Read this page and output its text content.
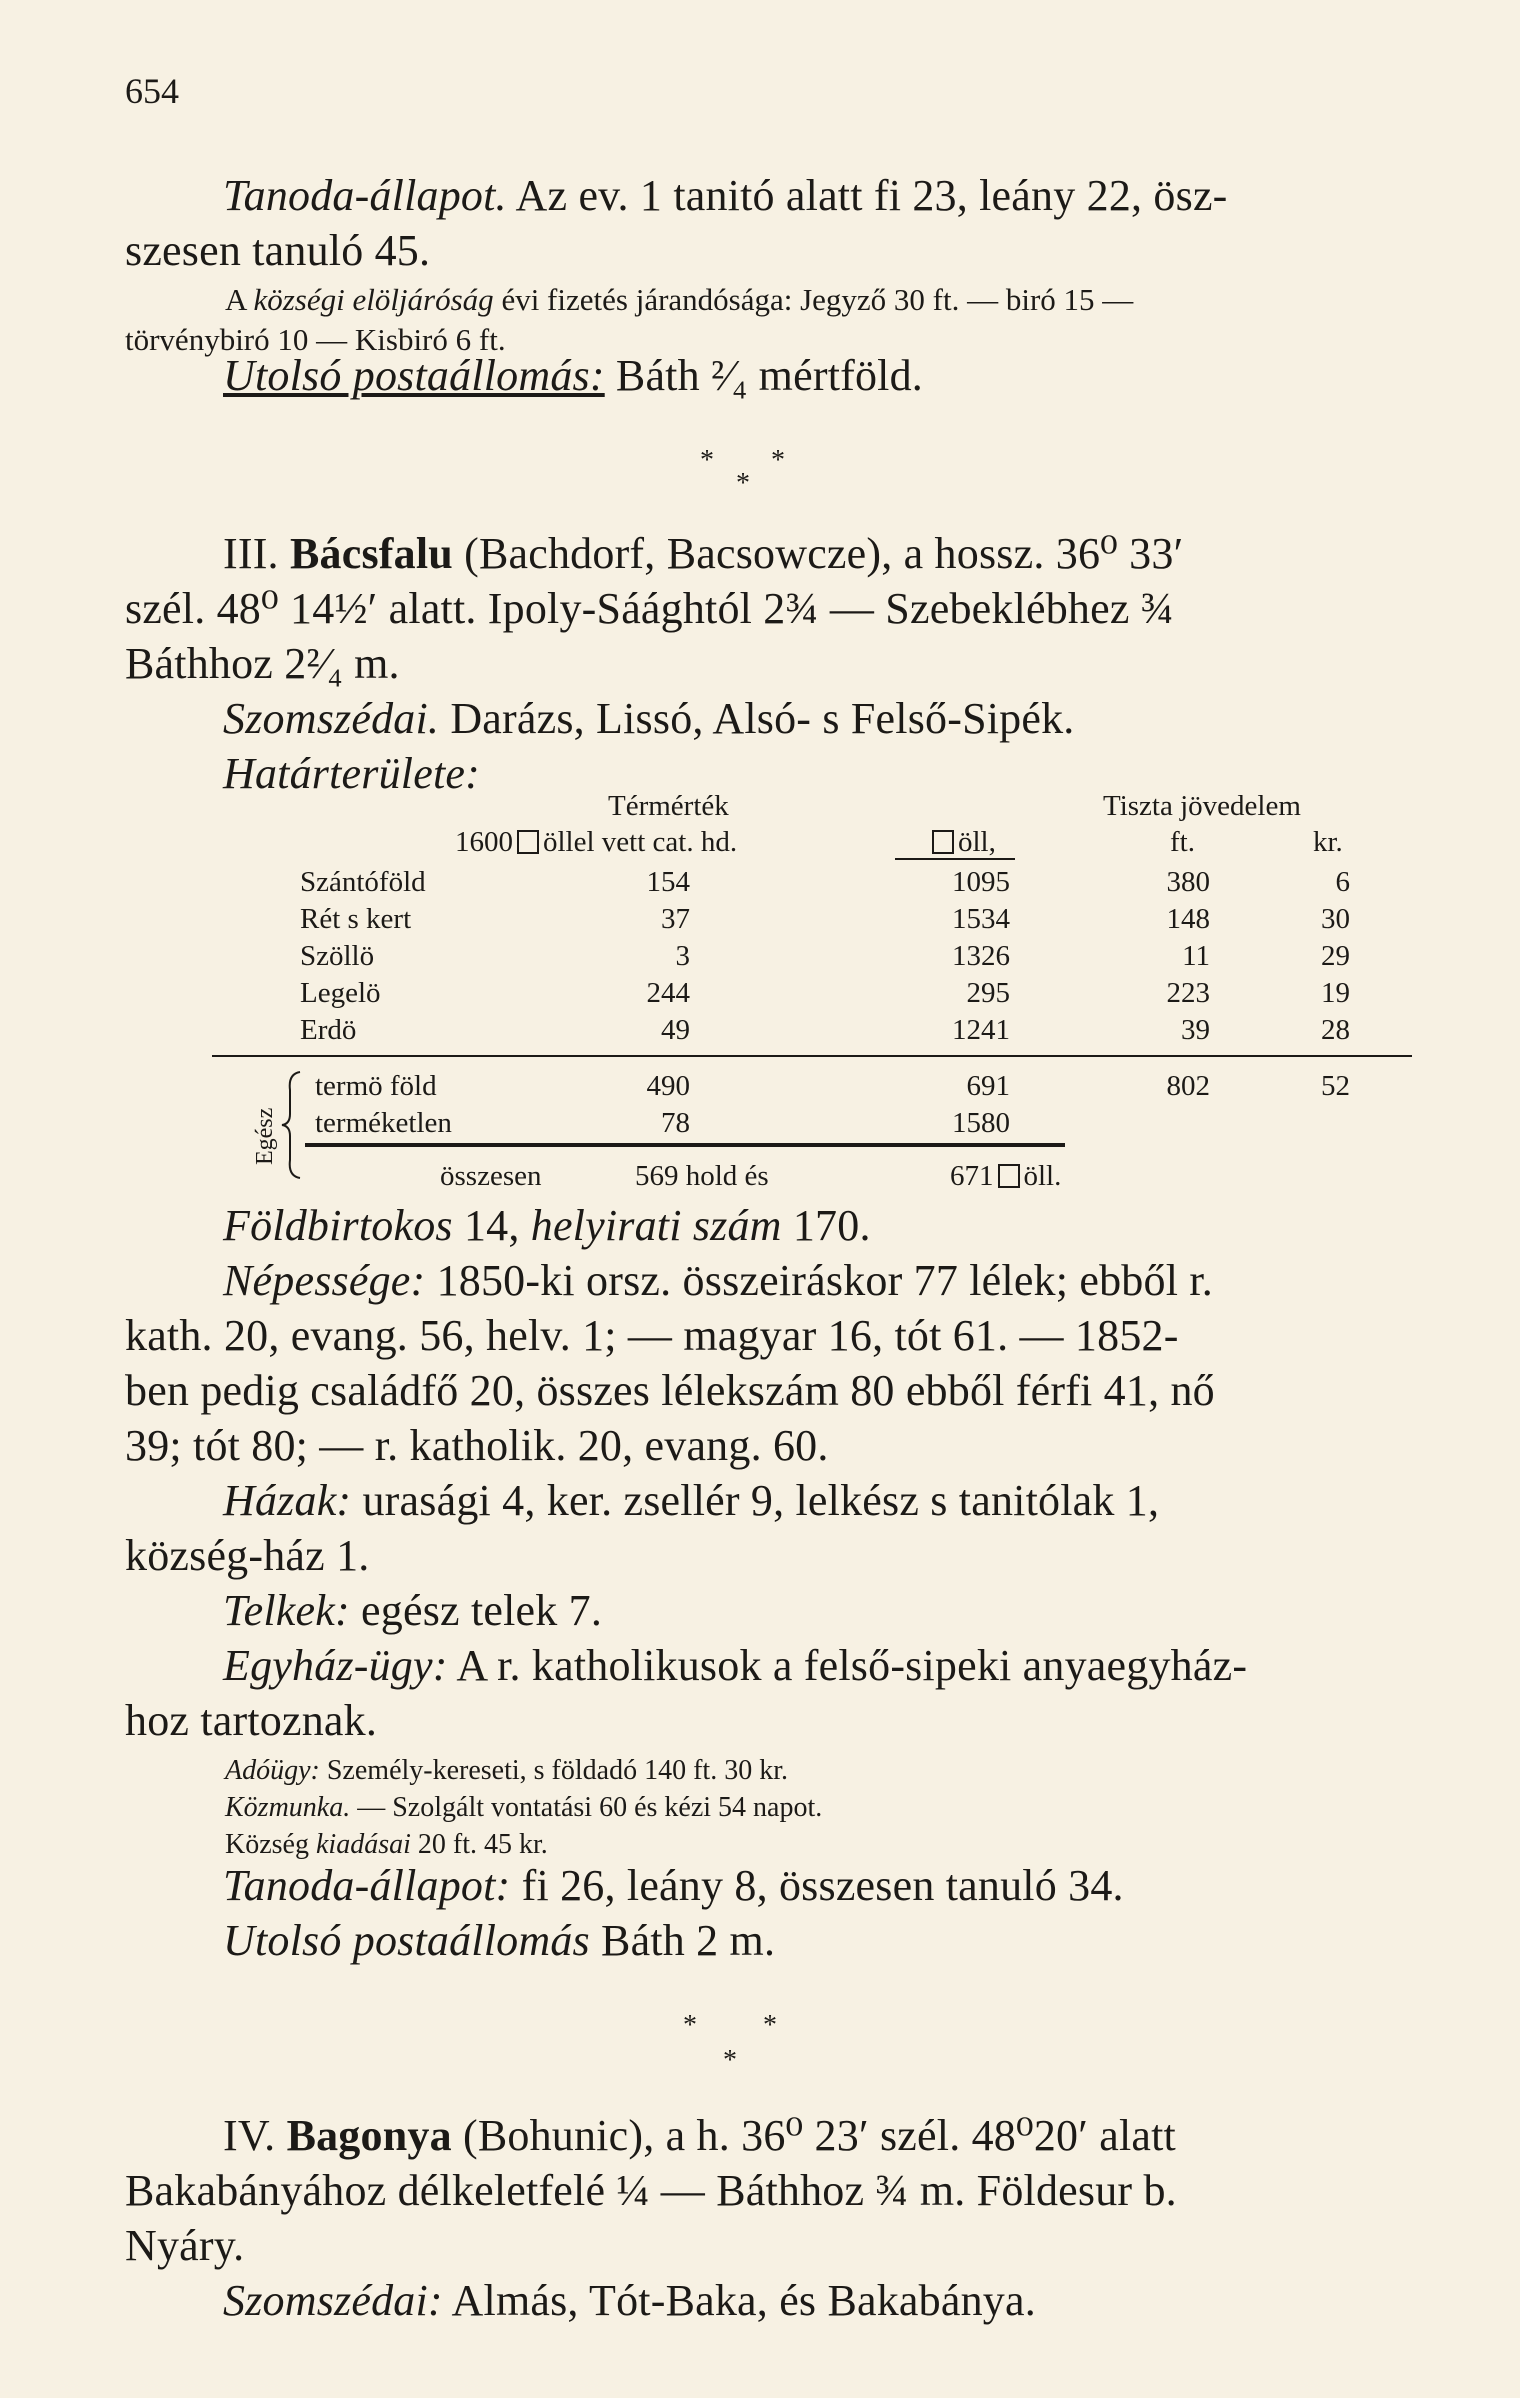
654
Tanoda-állapot. Az ev. 1 tanitó alatt fi 23, leány 22, ösz-
szesen tanuló 45.
A községi elöljáróság évi fizetés járandósága: Jegyző 30 ft. — biró 15 —
törvénybiró 10 — Kisbiró 6 ft.
Utolsó postaállomás: Báth ²⁄₄ mértföld.
*
*
*
III. Bácsfalu (Bachdorf, Bacsowcze), a hossz. 36⁰ 33′
szél. 48⁰ 14½′ alatt. Ipoly-Sáághtól 2¾ — Szebeklébhez ¾
Báthhoz 2²⁄₄ m.
Szomszédai. Darázs, Lissó, Alsó- s Felső-Sipék.
Határterülete:
Térmérték	Tiszta jövedelem
1600 öllel vett cat. hd.	öll,	ft.	kr.
Szántóföld	154	1095	380	6
Rét s kert	37	1534	148	30
Szöllö	3	1326	11	29
Legelö	244	295	223	19
Erdö	49	1241	39	28
Egész
termö föld	490	691	802	52
terméketlen	78	1580
összesen	569 hold és	671 öll.
Földbirtokos 14, helyirati szám 170.
Népessége: 1850-ki orsz. összeiráskor 77 lélek; ebből r.
kath. 20, evang. 56, helv. 1; — magyar 16, tót 61. — 1852-
ben pedig családfő 20, összes lélekszám 80 ebből férfi 41, nő
39; tót 80; — r. katholik. 20, evang. 60.
Házak: urasági 4, ker. zsellér 9, lelkész s tanitólak 1,
község-ház 1.
Telkek: egész telek 7.
Egyház-ügy: A r. katholikusok a felső-sipeki anyaegyház-
hoz tartoznak.
Adóügy: Személy-kereseti, s földadó 140 ft. 30 kr.
Közmunka. — Szolgált vontatási 60 és kézi 54 napot.
Község kiadásai 20 ft. 45 kr.
Tanoda-állapot: fi 26, leány 8, összesen tanuló 34.
Utolsó postaállomás Báth 2 m.
* *
*
IV. Bagonya (Bohunic), a h. 36⁰ 23′ szél. 48⁰20′ alatt
Bakabányához délkeletfelé ¼ — Báthhoz ¾ m. Földesur b.
Nyáry.
Szomszédai: Almás, Tót-Baka, és Bakabánya.
